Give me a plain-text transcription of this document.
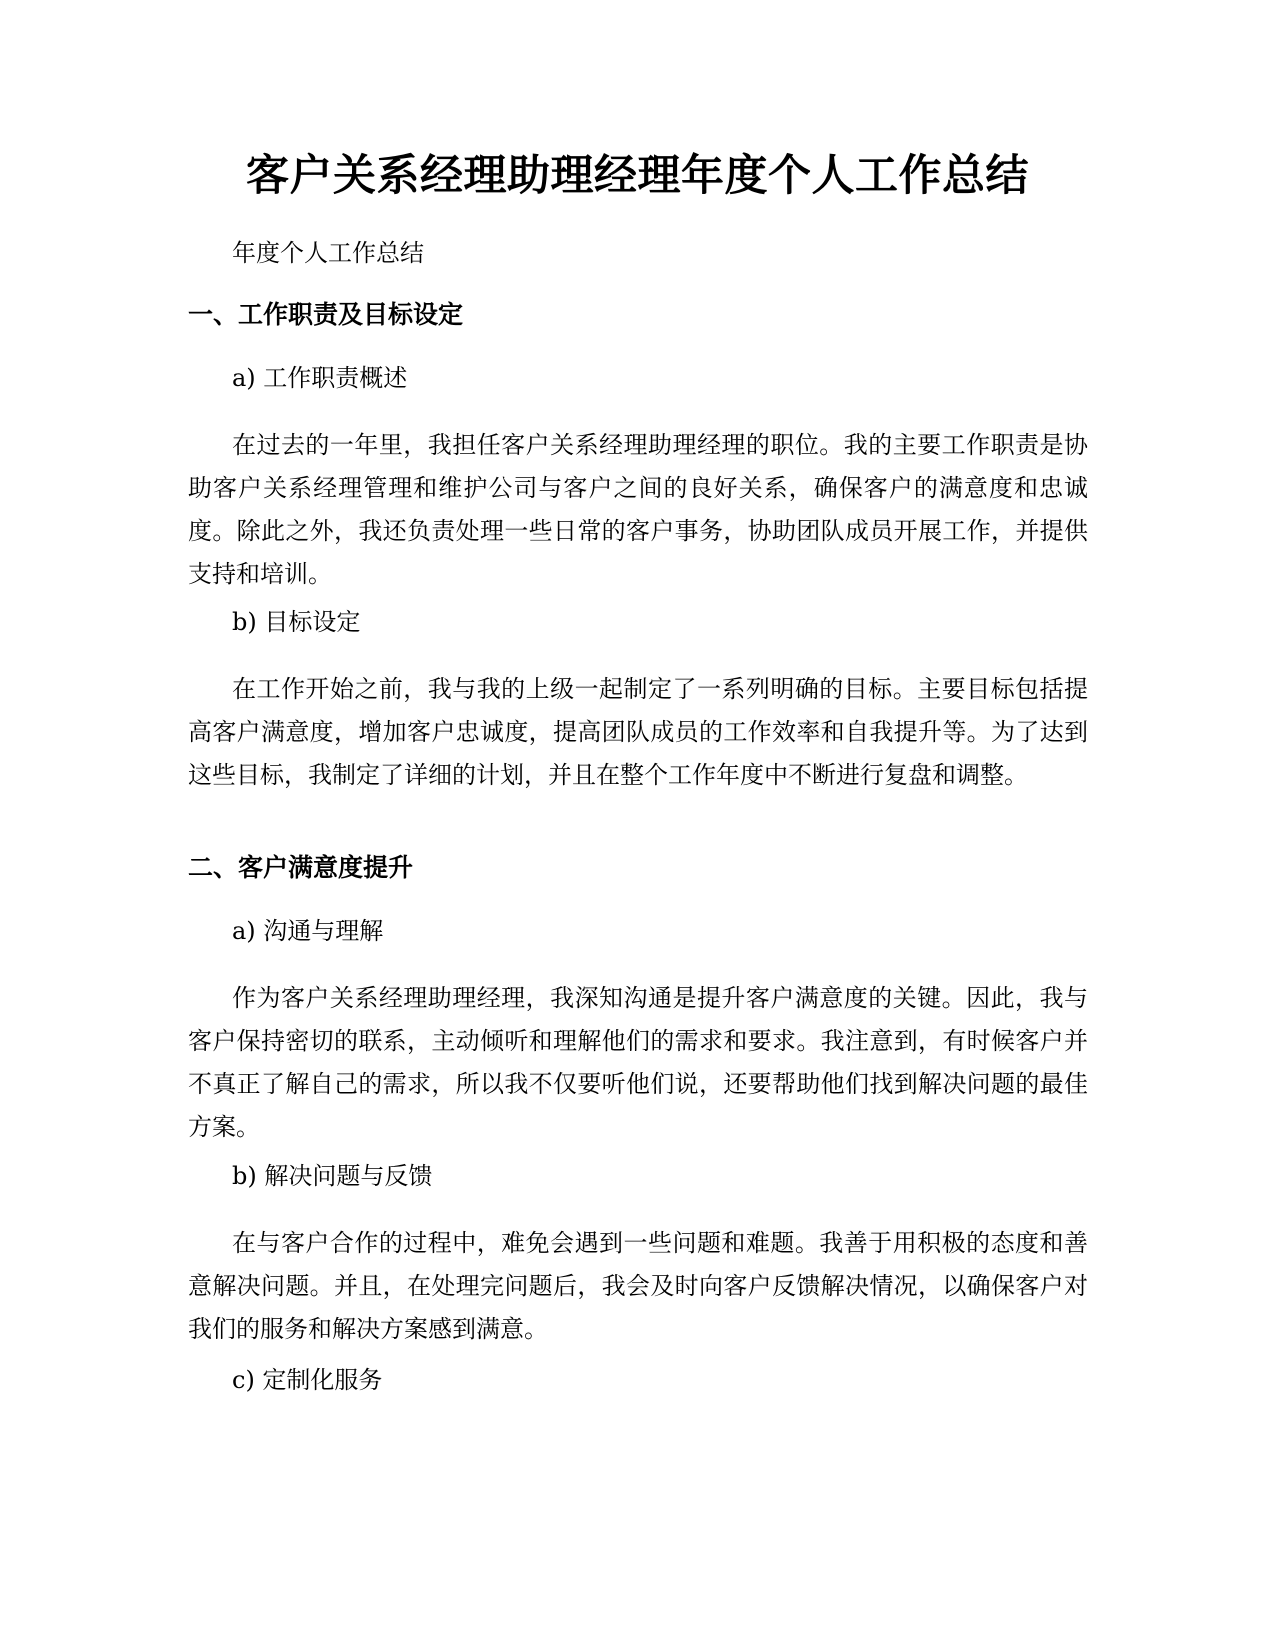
客户关系经理助理经理年度个人工作总结

年度个人工作总结

一、工作职责及目标设定

a) 工作职责概述

在过去的一年里，我担任客户关系经理助理经理的职位。我的主要工作职责是协助客户关系经理管理和维护公司与客户之间的良好关系，确保客户的满意度和忠诚度。除此之外，我还负责处理一些日常的客户事务，协助团队成员开展工作，并提供支持和培训。

b) 目标设定

在工作开始之前，我与我的上级一起制定了一系列明确的目标。主要目标包括提高客户满意度，增加客户忠诚度，提高团队成员的工作效率和自我提升等。为了达到这些目标，我制定了详细的计划，并且在整个工作年度中不断进行复盘和调整。

二、客户满意度提升

a) 沟通与理解

作为客户关系经理助理经理，我深知沟通是提升客户满意度的关键。因此，我与客户保持密切的联系，主动倾听和理解他们的需求和要求。我注意到，有时候客户并不真正了解自己的需求，所以我不仅要听他们说，还要帮助他们找到解决问题的最佳方案。

b) 解决问题与反馈

在与客户合作的过程中，难免会遇到一些问题和难题。我善于用积极的态度和善意解决问题。并且，在处理完问题后，我会及时向客户反馈解决情况，以确保客户对我们的服务和解决方案感到满意。

c) 定制化服务
